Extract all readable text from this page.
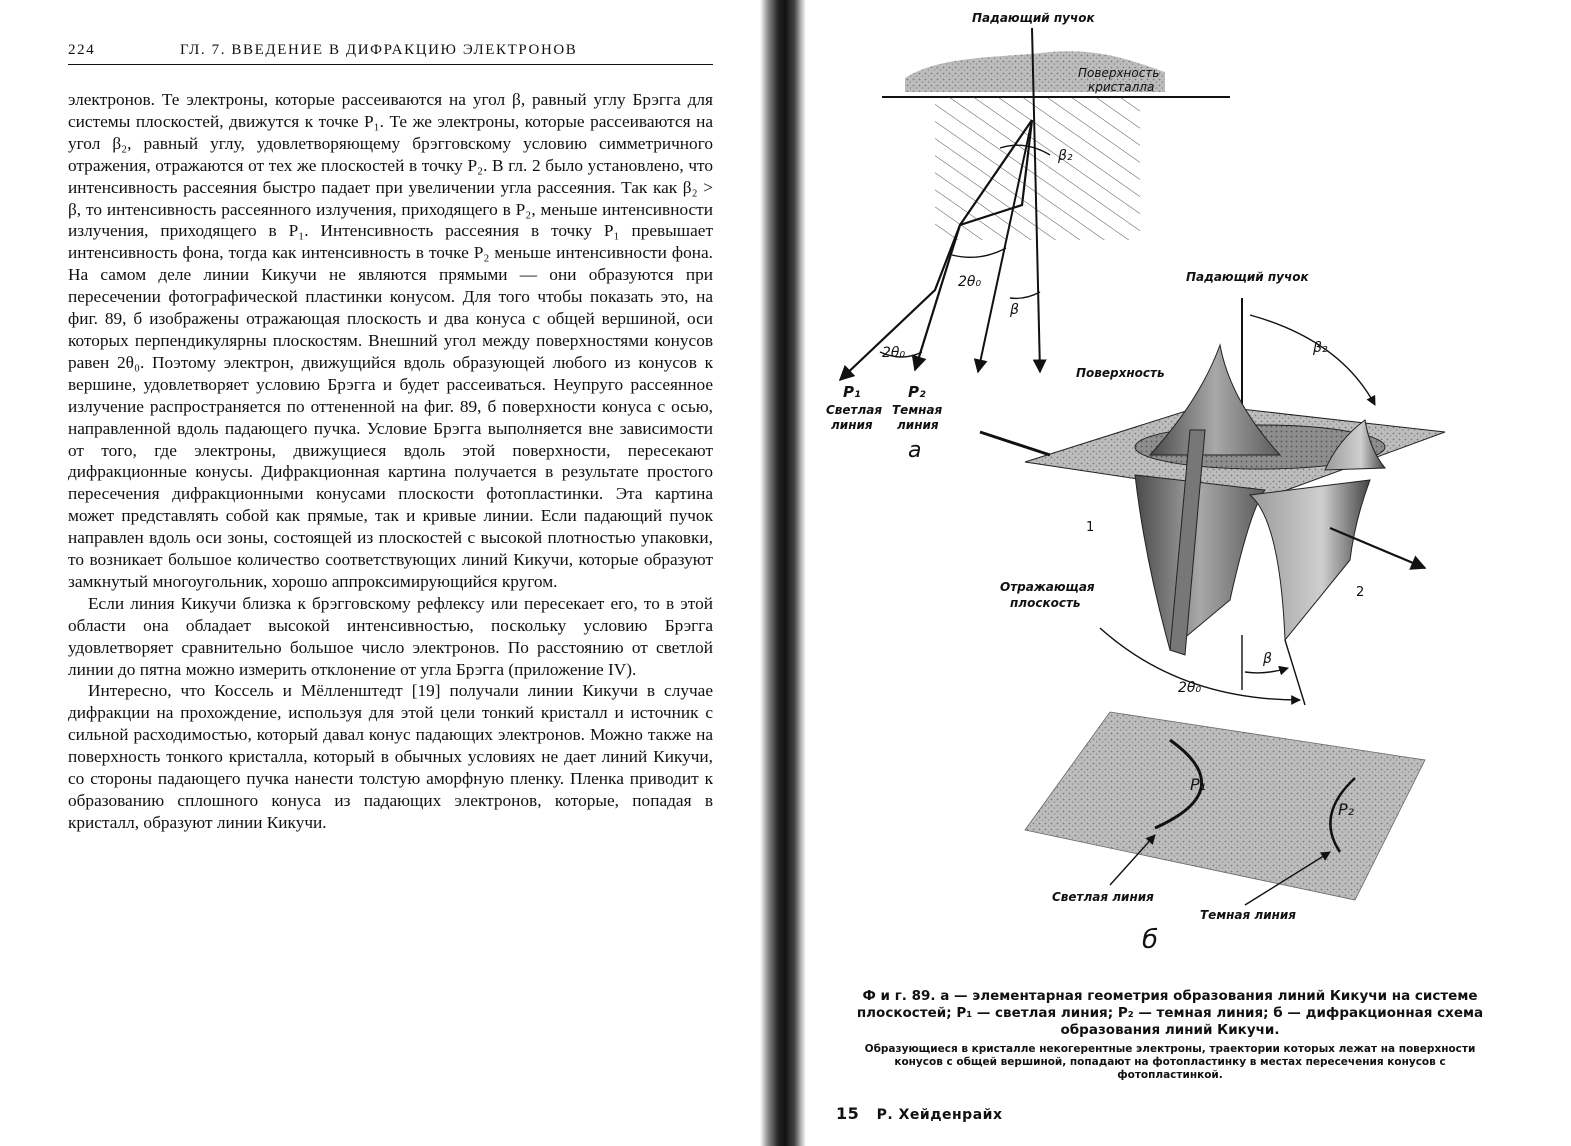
224	ГЛ. 7. ВВЕДЕНИЕ В ДИФРАКЦИЮ ЭЛЕКТРОНОВ

электронов. Те электроны, которые рассеиваются на угол β, равный углу Брэгга для системы плоскостей, движутся к точке P₁. Те же электроны, которые рассеиваются на угол β₂, равный углу, удовлетворяющему брэгговскому условию симметричного отражения, отражаются от тех же плоскостей в точку P₂. В гл. 2 было установлено, что интенсивность рассеяния быстро падает при увеличении угла рассеяния. Так как β₂ > β, то интенсивность рассеянного излучения, приходящего в P₂, меньше интенсивности излучения, приходящего в P₁. Интенсивность рассеяния в точку P₁ превышает интенсивность фона, тогда как интенсивность в точке P₂ меньше интенсивности фона. На самом деле линии Кикучи не являются прямыми — они образуются при пересечении фотографической пластинки конусом. Для того чтобы показать это, на фиг. 89, б изображены отражающая плоскость и два конуса с общей вершиной, оси которых перпендикулярны плоскостям. Внешний угол между поверхностями конусов равен 2θ₀. Поэтому электрон, движущийся вдоль образующей любого из конусов к вершине, удовлетворяет условию Брэгга и будет рассеиваться. Неупруго рассеянное излучение распространяется по оттененной на фиг. 89, б поверхности конуса с осью, направленной вдоль падающего пучка. Условие Брэгга выполняется вне зависимости от того, где электроны, движущиеся вдоль этой поверхности, пересекают дифракционные конусы. Дифракционная картина получается в результате простого пересечения дифракционными конусами плоскости фотопластинки. Эта картина может представлять собой как прямые, так и кривые линии. Если падающий пучок направлен вдоль оси зоны, состоящей из плоскостей с высокой плотностью упаковки, то возникает большое количество соответствующих линий Кикучи, которые образуют замкнутый многоугольник, хорошо аппроксимирующийся кругом.

Если линия Кикучи близка к брэгговскому рефлексу или пересекает его, то в этой области она обладает высокой интенсивностью, поскольку условию Брэгга удовлетворяет сравнительно большое число электронов. По расстоянию от светлой линии до пятна можно измерить отклонение от угла Брэгга (приложение IV).

Интересно, что Коссель и Мёлленштедт [19] получали линии Кикучи в случае дифракции на прохождение, используя для этой цели тонкий кристалл и источник с сильной расходимостью, который давал конус падающих электронов. Можно также на поверхность тонкого кристалла, который в обычных условиях не дает линий Кикучи, со стороны падающего пучка нанести толстую аморфную пленку. Пленка приводит к образованию сплошного конуса из падающих электронов, которые, попадая в кристалл, образуют линии Кикучи.

Падающий пучок
Поверхность
кристалла
β₂
2θ₀
β
2θ₀
P₁	P₂
Светлая
линия
Темная
линия
a
Падающий пучок
Поверхность
β₂
1
2
Отражающая
плоскость
β
2θ₀
P₁
P₂
Светлая линия
Темная линия
б
Ф и г. 89. а — элементарная геометрия образования линий Кикучи на системе плоскостей; P₁ — светлая линия; P₂ — темная линия; б — дифракционная схема образования линий Кикучи.
Образующиеся в кристалле некогерентные электроны, траектории которых лежат на поверхности конусов с общей вершиной, попадают на фотопластинку в местах пересечения конусов с фотопластинкой.
15 Р. Хейденрайх
